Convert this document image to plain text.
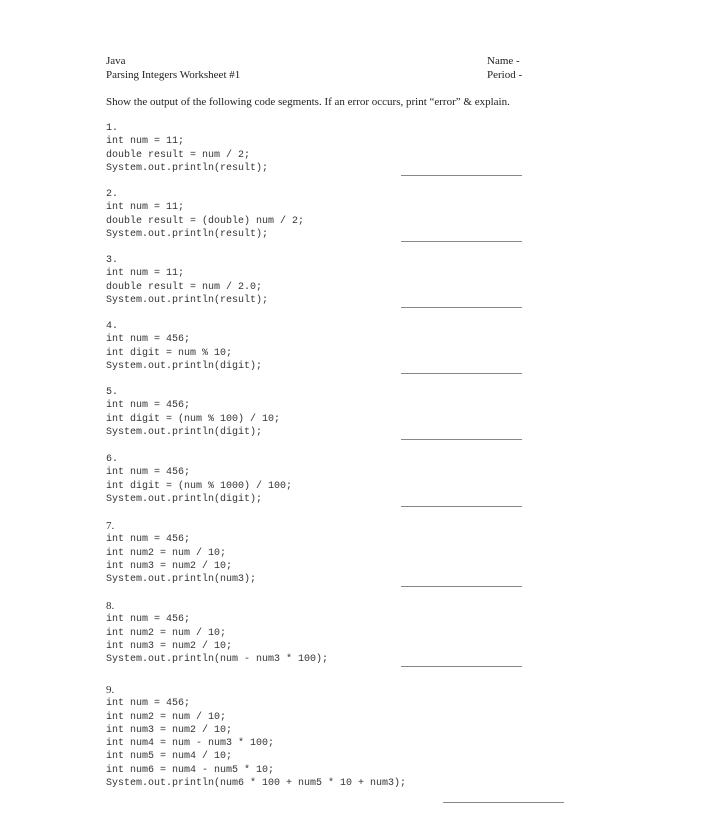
Java
Parsing Integers Worksheet #1
Name -
Period -
Show the output of the following code segments. If an error occurs, print “error” & explain.
1.
int num = 11;
double result = num / 2;
System.out.println(result);
2.
int num = 11;
double result = (double) num / 2;
System.out.println(result);
3.
int num = 11;
double result = num / 2.0;
System.out.println(result);
4.
int num = 456;
int digit = num % 10;
System.out.println(digit);
5.
int num = 456;
int digit = (num % 100) / 10;
System.out.println(digit);
6.
int num = 456;
int digit = (num % 1000) / 100;
System.out.println(digit);
7.
int num = 456;
int num2 = num / 10;
int num3 = num2 / 10;
System.out.println(num3);
8.
int num = 456;
int num2 = num / 10;
int num3 = num2 / 10;
System.out.println(num - num3 * 100);
9.
int num = 456;
int num2 = num / 10;
int num3 = num2 / 10;
int num4 = num - num3 * 100;
int num5 = num4 / 10;
int num6 = num4 - num5 * 10;
System.out.println(num6 * 100 + num5 * 10 + num3);
